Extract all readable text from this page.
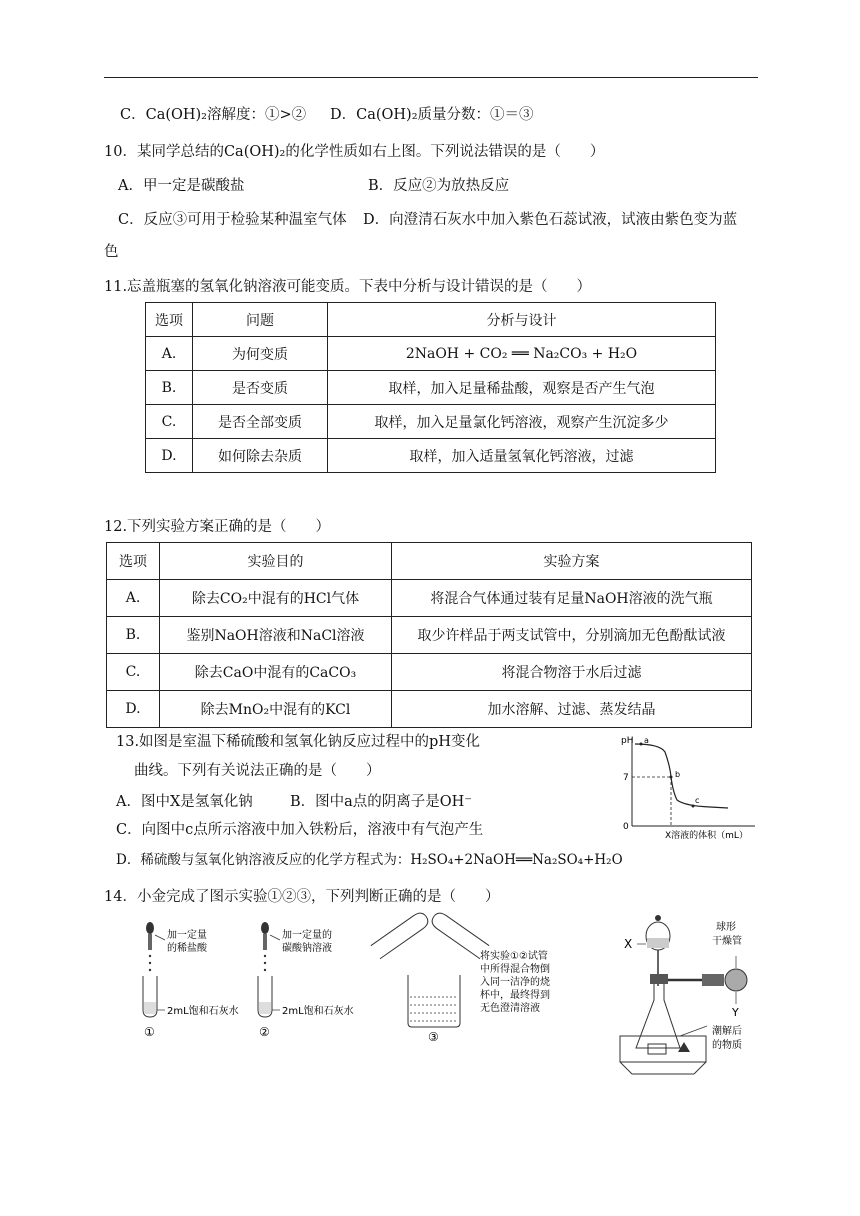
C．Ca(OH)₂溶解度：①>② D．Ca(OH)₂质量分数：①＝③
10．某同学总结的Ca(OH)₂的化学性质如右上图。下列说法错误的是（　　）
A．甲一定是碳酸盐	B．反应②为放热反应
C．反应③可用于检验某种温室气体 D．向澄清石灰水中加入紫色石蕊试液，试液由紫色变为蓝
色
11.忘盖瓶塞的氢氧化钠溶液可能变质。下表中分析与设计错误的是（　　）
选项	问题	分析与设计
A.	为何变质	2NaOH + CO₂ ══ Na₂CO₃ + H₂O
B.	是否变质	取样，加入足量稀盐酸，观察是否产生气泡
C.	是否全部变质	取样，加入足量氯化钙溶液，观察产生沉淀多少
D.	如何除去杂质	取样，加入适量氢氧化钙溶液，过滤
12.下列实验方案正确的是（　　）
选项	实验目的	实验方案
A.	除去CO₂中混有的HCl气体	将混合气体通过装有足量NaOH溶液的洗气瓶
B.	鉴别NaOH溶液和NaCl溶液	取少许样品于两支试管中，分别滴加无色酚酞试液
C.	除去CaO中混有的CaCO₃	将混合物溶于水后过滤
D.	除去MnO₂中混有的KCl	加水溶解、过滤、蒸发结晶
13.如图是室温下稀硫酸和氢氧化钠反应过程中的pH变化
曲线。下列有关说法正确的是（　　）
A．图中X是氢氧化钠	B．图中a点的阴离子是OH⁻
C．向图中c点所示溶液中加入铁粉后，溶液中有气泡产生
D．稀硫酸与氢氧化钠溶液反应的化学方程式为：H₂SO₄+2NaOH══Na₂SO₄+H₂O
pH
7
0
a
b
c
X溶液的体积（mL）
14．小金完成了图示实验①②③，下列判断正确的是（　　）
加一定量
的稀盐酸
2mL饱和石灰水
①
加一定量的
碳酸钠溶液
2mL饱和石灰水
②
将实验①②试管
中所得混合物倒
入同一洁净的烧
杯中，最终得到
无色澄清溶液
③
X
球形
干燥管
Y
潮解后
的物质
